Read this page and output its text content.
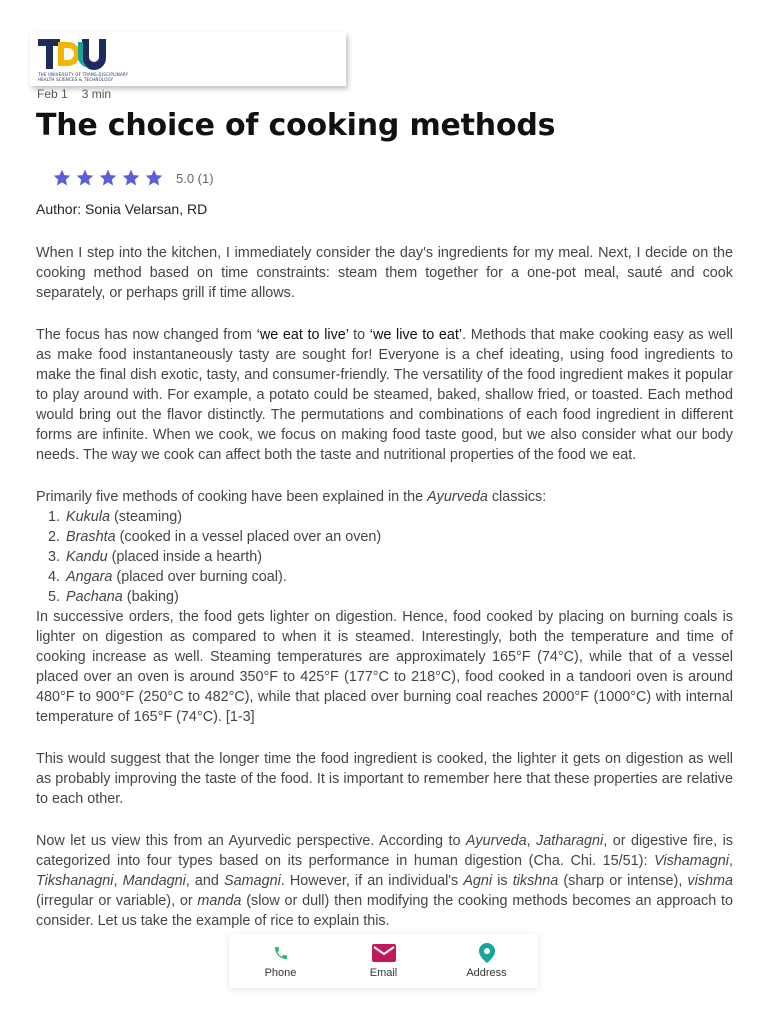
THE UNIVERSITY OF TRANS-DISCIPLINARY
HEALTH SCIENCES & TECHNOLOGY
Feb 1 3 min
The choice of cooking methods
5.0 (1)
Author: Sonia Velarsan, RD

When I step into the kitchen, I immediately consider the day's ingredients for my meal. Next, I decide on the cooking method based on time constraints: steam them together for a one-pot meal, sauté and cook separately, or perhaps grill if time allows.

The focus has now changed from ‘we eat to live’ to ‘we live to eat’. Methods that make cooking easy as well as make food instantaneously tasty are sought for! Everyone is a chef ideating, using food ingredients to make the final dish exotic, tasty, and consumer-friendly. The versatility of the food ingredient makes it popular to play around with. For example, a potato could be steamed, baked, shallow fried, or toasted. Each method would bring out the flavor distinctly. The permutations and combinations of each food ingredient in different forms are infinite. When we cook, we focus on making food taste good, but we also consider what our body needs. The way we cook can affect both the taste and nutritional properties of the food we eat.

Primarily five methods of cooking have been explained in the Ayurveda classics:

1. Kukula (steaming)
2. Brashta (cooked in a vessel placed over an oven)
3. Kandu (placed inside a hearth)
4. Angara (placed over burning coal).
5. Pachana (baking)

In successive orders, the food gets lighter on digestion. Hence, food cooked by placing on burning coals is lighter on digestion as compared to when it is steamed. Interestingly, both the temperature and time of cooking increase as well. Steaming temperatures are approximately 165°F (74°C), while that of a vessel placed over an oven is around 350°F to 425°F (177°C to 218°C), food cooked in a tandoori oven is around 480°F to 900°F (250°C to 482°C), while that placed over burning coal reaches 2000°F (1000°C) with internal temperature of 165°F (74°C). [1-3]

This would suggest that the longer time the food ingredient is cooked, the lighter it gets on digestion as well as probably improving the taste of the food. It is important to remember here that these properties are relative to each other.

Now let us view this from an Ayurvedic perspective. According to Ayurveda, Jatharagni, or digestive fire, is categorized into four types based on its performance in human digestion (Cha. Chi. 15/51): Vishamagni, Tikshanagni, Mandagni, and Samagni. However, if an individual's Agni is tikshna (sharp or intense), vishma (irregular or variable), or manda (slow or dull) then modifying the cooking methods becomes an approach to consider. Let us take the example of rice to explain this.

Phone	Email	Address
